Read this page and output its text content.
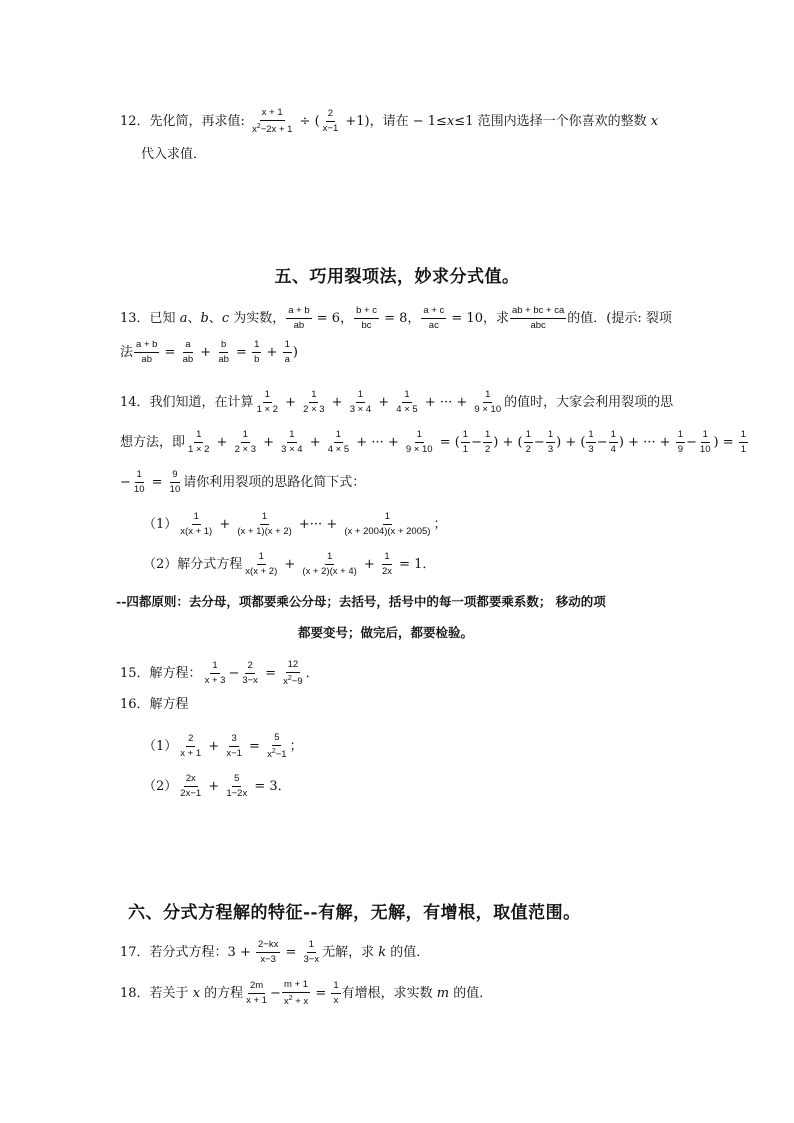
12．先化简，再求值: $\frac{x + 1}{x^2-2x + 1}$ ÷ ( $\frac{2}{x-1} +1$)，请在 − 1≤x≤1 范围内选择一个你喜欢的整数 x
代入求值．
五、巧用裂项法，妙求分式值。
13．已知 a、b、c 为实数， $\frac{a + b}{ab} = 6$， $\frac{b + c}{bc} = 8$， $\frac{a + c}{ac} = 10$，求 $\frac{ab + bc + ca}{\text{abc}}$ 的值．(提示: 裂项
法 $\frac{a + b}{ab} = \frac{a}{ab} + \frac{b}{ab} = \frac{1}{b} + \frac{1}{a}$ )
14．我们知道，在计算 $\frac{1}{1 \times 2} + \frac{1}{2 \times 3} + \frac{1}{3 \times 4} + \frac{1}{4 \times 5}$ + ··· + $\frac{1}{9 \times 10}$ 的值时，大家会利用裂项的思
想方法，即 $\frac{1}{1 \times 2} + \frac{1}{2 \times 3} + \frac{1}{3 \times 4} + \frac{1}{4 \times 5}$ + ··· + $\frac{1}{9 \times 10}$ = ( $\frac{1}{1} - \frac{1}{2}$ ) + ( $\frac{1}{2} - \frac{1}{3}$ ) + ( $\frac{1}{3} - \frac{1}{4}$ ) + ··· + $\frac{1}{9} - \frac{1}{10}$ ) = $\frac{1}{1}$
− $\frac{1}{10} = \frac{9}{10}$ 请你利用裂项的思路化简下式：
$(1) \frac{1}{x(x + 1)} + \frac{1}{(x + 1)(x + 2)}$ +··· + $\frac{1}{(x + 2004)(x + 2005)}$ ；
（2）解分式方程 $\frac{1}{x(x + 2)} + \frac{1}{(x + 2)(x + 4)} + \frac{1}{2x} = 1$．
--四都原则：去分母，项都要乘公分母；去括号，括号中的每一项都要乘系数； 移动的项
都要变号；做完后，都要检验。
15．解方程： $\frac{1}{x + 3} - \frac{2}{3-x} = \frac{12}{x^2-9}$ ．
16．解方程
$(1) \frac{2}{x + 1} + \frac{3}{x-1} = \frac{5}{x^2-1}$ ；
$(2) \frac{2x}{2x-1} + \frac{5}{1-2x} = 3$．
六、分式方程解的特征--有解，无解，有增根，取值范围。
17．若分式方程：$3 + \frac{2-kx}{x-3} = \frac{1}{3-x}$ 无解，求 k 的值．
18．若关于 x 的方程 $\frac{2m}{x + 1} - \frac{m + 1}{x^2 + x} = \frac{1}{x}$ 有增根，求实数 m 的值．
